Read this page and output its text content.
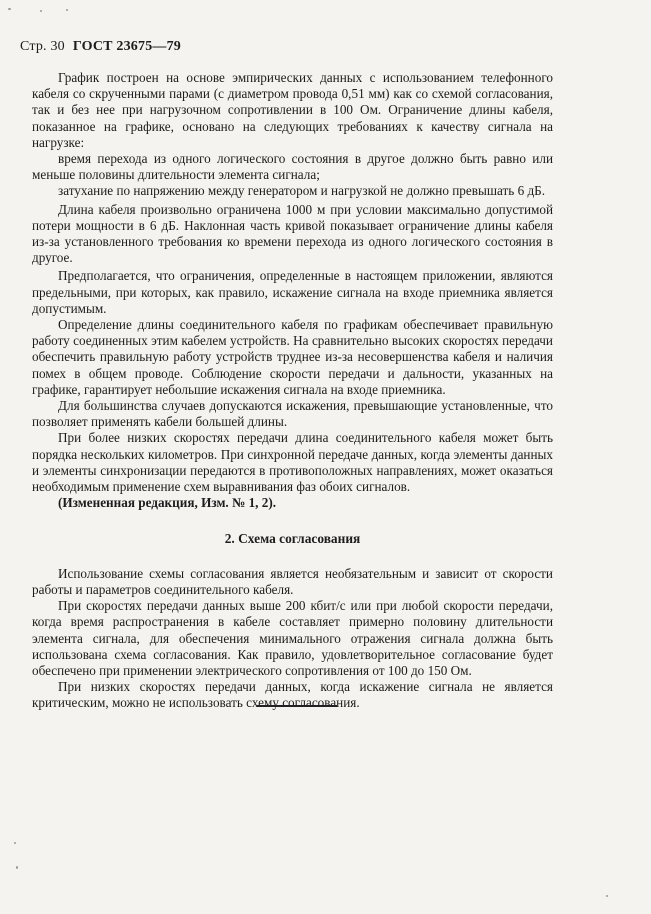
Стр. 30 ГОСТ 23675—79

График построен на основе эмпирических данных с использованием телефонного кабеля со скрученными парами (с диаметром провода 0,51 мм) как со схемой согласования, так и без нее при нагрузочном сопротивлении в 100 Ом. Ограничение длины кабеля, показанное на графике, основано на следующих требованиях к качеству сигнала на нагрузке:

время перехода из одного логического состояния в другое должно быть равно или меньше половины длительности элемента сигнала;

затухание по напряжению между генератором и нагрузкой не должно превышать 6 дБ.

Длина кабеля произвольно ограничена 1000 м при условии максимально допустимой потери мощности в 6 дБ. Наклонная часть кривой показывает ограничение длины кабеля из-за установленного требования ко времени перехода из одного логического состояния в другое.

Предполагается, что ограничения, определенные в настоящем приложении, являются предельными, при которых, как правило, искажение сигнала на входе приемника является допустимым.

Определение длины соединительного кабеля по графикам обеспечивает правильную работу соединенных этим кабелем устройств. На сравнительно высоких скоростях передачи обеспечить правильную работу устройств труднее из-за несовершенства кабеля и наличия помех в общем проводе. Соблюдение скорости передачи и дальности, указанных на графике, гарантирует небольшие искажения сигнала на входе приемника.

Для большинства случаев допускаются искажения, превышающие установленные, что позволяет применять кабели большей длины.

При более низких скоростях передачи длина соединительного кабеля может быть порядка нескольких километров. При синхронной передаче данных, когда элементы данных и элементы синхронизации передаются в противоположных направлениях, может оказаться необходимым применение схем выравнивания фаз обоих сигналов.

(Измененная редакция, Изм. № 1, 2).

2. Схема согласования

Использование схемы согласования является необязательным и зависит от скорости работы и параметров соединительного кабеля.

При скоростях передачи данных выше 200 кбит/с или при любой скорости передачи, когда время распространения в кабеле составляет примерно половину длительности элемента сигнала, для обеспечения минимального отражения сигнала должна быть использована схема согласования. Как правило, удовлетворительное согласование будет обеспечено при применении электрического сопротивления от 100 до 150 Ом.

При низких скоростях передачи данных, когда искажение сигнала не является критическим, можно не использовать схему согласования.
